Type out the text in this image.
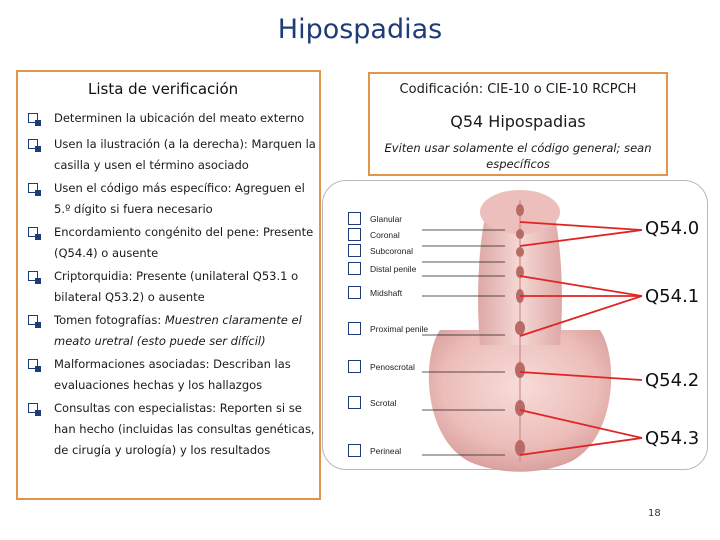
Hipospadias
Lista de verificación
Determinen la ubicación del meato externo
Usen la ilustración (a la derecha): Marquen la casilla y usen el término asociado
Usen el código más específico: Agreguen el 5.º dígito si fuera necesario
Encordamiento congénito del pene: Presente (Q54.4) o ausente
Criptorquidia: Presente (unilateral Q53.1 o bilateral Q53.2) o ausente
Tomen fotografías: Muestren claramente el meato uretral (esto puede ser difícil)
Malformaciones asociadas: Describan las evaluaciones hechas y los hallazgos
Consultas con especialistas: Reporten si se han hecho (incluidas las consultas genéticas, de cirugía y urología) y los resultados
Codificación: CIE-10 o CIE-10 RCPCH
Q54 Hipospadias
Eviten usar solamente el código general; sean específicos
Glanular
Coronal
Subcoronal
Distal penile
Midshaft
Proximal penile
Penoscrotal
Scrotal
Perineal
Q54.0
Q54.1
Q54.2
Q54.3
18
